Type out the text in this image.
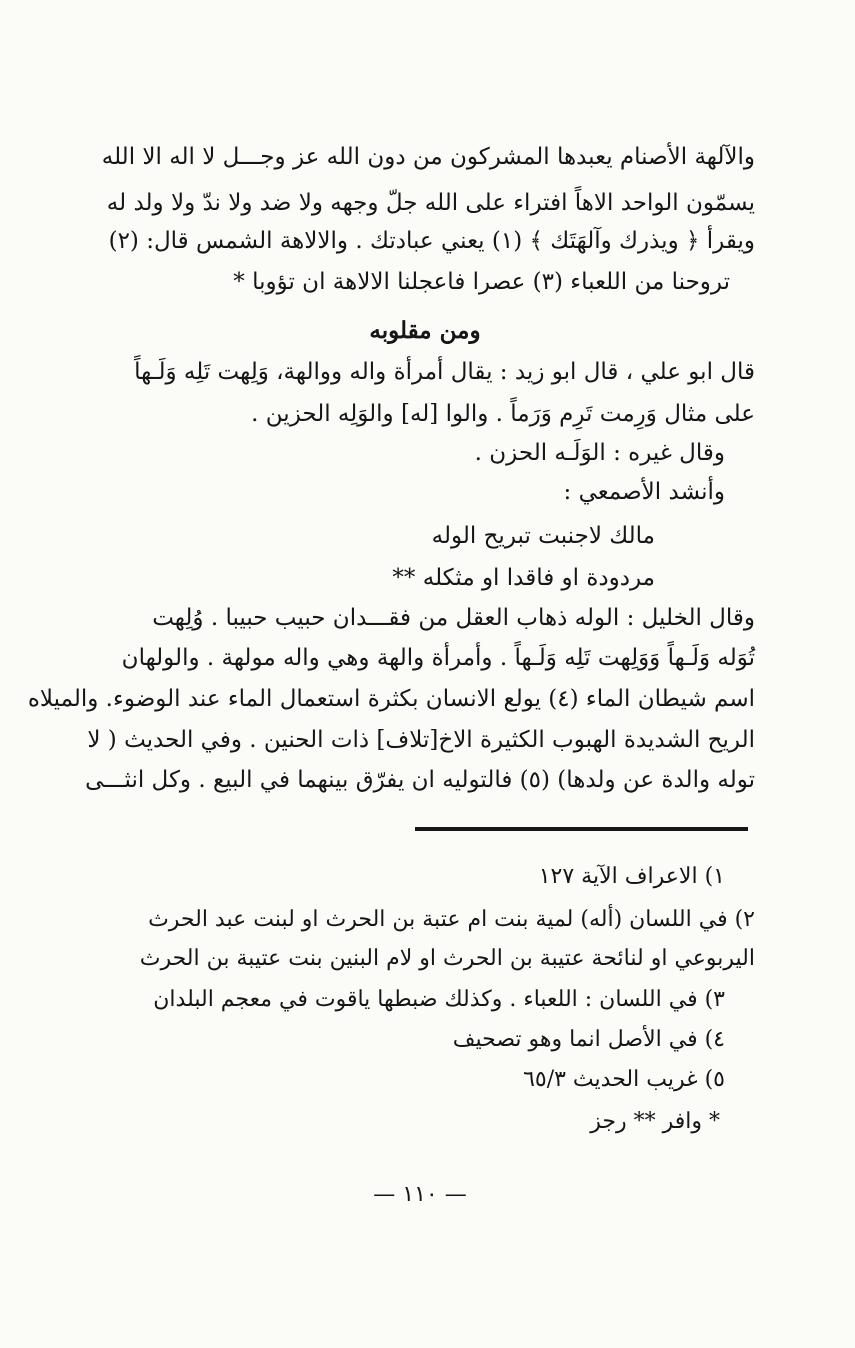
والآلهة الأصنام يعبدها المشركون من دون الله عز وجـــل لا اله الا الله
يسمّون الواحد الاهاً افتراء على الله جلّ وجهه ولا ضد ولا ندّ ولا ولد له
ويقرأ ﴿ ويذرك وآلهَتَك ﴾ (١) يعني عبادتك . والالاهة الشمس قال: (٢)
تروحنا من اللعباء (٣) عصرا فاعجلنا الالاهة ان تؤوبا *
ومن مقلوبه
قال ابو علي ، قال ابو زيد : يقال أمرأة واله ووالهة، وَلِهت تَلِه وَلَـهاً
على مثال وَرِمت تَرِم وَرَماً . والوا [له] والوَلِه الحزين .
وقال غيره : الوَلَـه الحزن .
وأنشد الأصمعي :
مالك لاجنبت تبريح الوله
مردودة او فاقدا او مثكله **
وقال الخليل : الوله ذهاب العقل من فقـــدان حبيب حبيبا . وُلِهت
تُوَله وَلَـهاً وَوَلِهت تَلِه وَلَـهاً . وأمرأة والهة وهي واله مولهة . والولهان
اسم شيطان الماء (٤) يولع الانسان بكثرة استعمال الماء عند الوضوء. والميلاه
الريح الشديدة الهبوب الكثيرة الاخ[تلاف] ذات الحنين . وفي الحديث ( لا
توله والدة عن ولدها) (٥) فالتوليه ان يفرّق بينهما في البيع . وكل انثـــى
١) الاعراف الآية ١٢٧
٢) في اللسان (أله) لمية بنت ام عتبة بن الحرث او لبنت عبد الحرث
اليربوعي او لنائحة عتيبة بن الحرث او لام البنين بنت عتيبة بن الحرث
٣) في اللسان : اللعباء . وكذلك ضبطها ياقوت في معجم البلدان
٤) في الأصل انما وهو تصحيف
٥) غريب الحديث ٦٥/٣
* وافر ** رجز
— ١١٠ —
